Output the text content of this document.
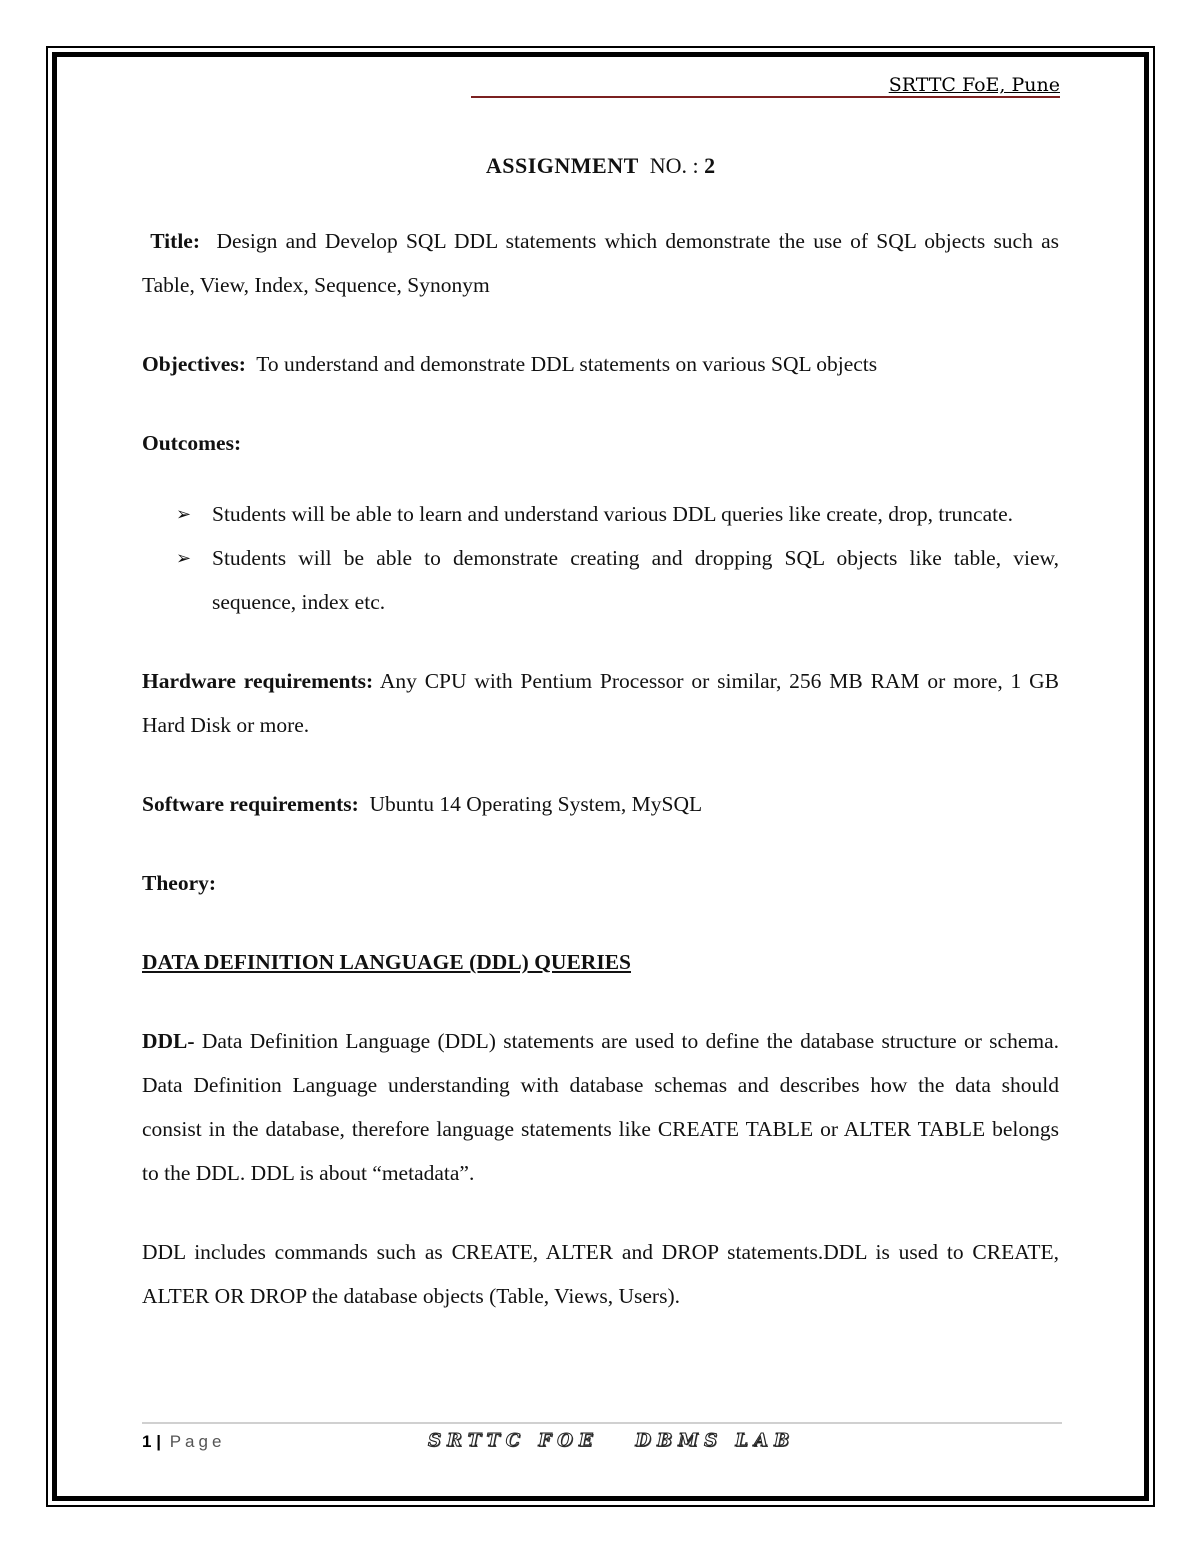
SRTTC FoE, Pune
ASSIGNMENT NO. : 2

Title: Design and Develop SQL DDL statements which demonstrate the use of SQL objects such as Table, View, Index, Sequence, Synonym

Objectives: To understand and demonstrate DDL statements on various SQL objects

Outcomes:

➢ Students will be able to learn and understand various DDL queries like create, drop, truncate.
➢ Students will be able to demonstrate creating and dropping SQL objects like table, view, sequence, index etc.

Hardware requirements: Any CPU with Pentium Processor or similar, 256 MB RAM or more, 1 GB Hard Disk or more.

Software requirements: Ubuntu 14 Operating System, MySQL

Theory:

DATA DEFINITION LANGUAGE (DDL) QUERIES

DDL- Data Definition Language (DDL) statements are used to define the database structure or schema. Data Definition Language understanding with database schemas and describes how the data should consist in the database, therefore language statements like CREATE TABLE or ALTER TABLE belongs to the DDL. DDL is about “metadata”.

DDL includes commands such as CREATE, ALTER and DROP statements.DDL is used to CREATE, ALTER OR DROP the database objects (Table, Views, Users).

1 | Page	SRTTC FOE   DBMS LAB
